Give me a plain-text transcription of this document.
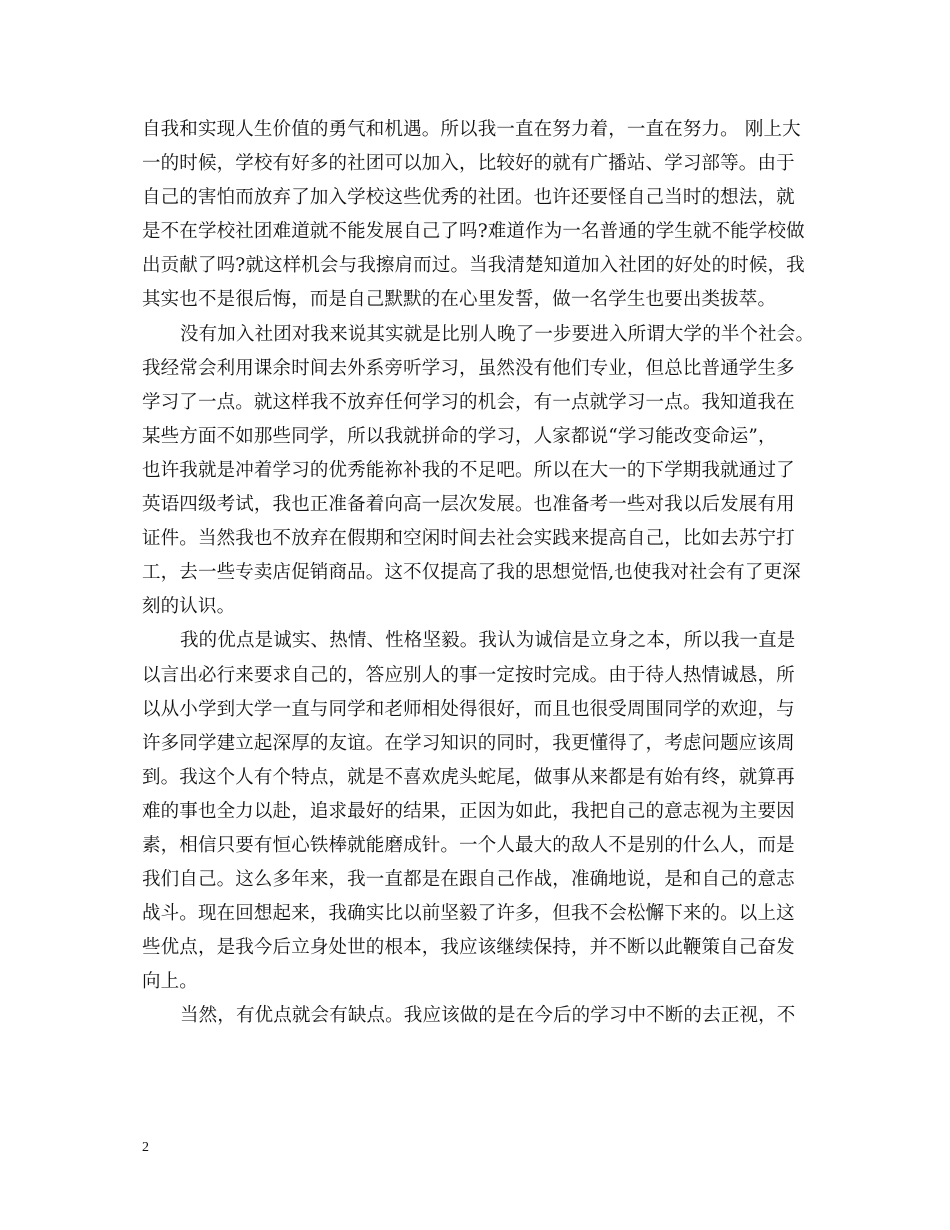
自我和实现人生价值的勇气和机遇。所以我一直在努力着，一直在努力。 刚上大
一的时候，学校有好多的社团可以加入，比较好的就有广播站、学习部等。由于
自己的害怕而放弃了加入学校这些优秀的社团。也许还要怪自己当时的想法，就
是不在学校社团难道就不能发展自己了吗?难道作为一名普通的学生就不能学校做
出贡献了吗?就这样机会与我擦肩而过。当我清楚知道加入社团的好处的时候，我
其实也不是很后悔，而是自己默默的在心里发誓，做一名学生也要出类拔萃。

没有加入社团对我来说其实就是比别人晚了一步要进入所谓大学的半个社会。
我经常会利用课余时间去外系旁听学习，虽然没有他们专业，但总比普通学生多
学习了一点。就这样我不放弃任何学习的机会，有一点就学习一点。我知道我在
某些方面不如那些同学，所以我就拼命的学习，人家都说“学习能改变命运”，
也许我就是冲着学习的优秀能祢补我的不足吧。所以在大一的下学期我就通过了
英语四级考试，我也正准备着向高一层次发展。也准备考一些对我以后发展有用
证件。当然我也不放弃在假期和空闲时间去社会实践来提高自己，比如去苏宁打
工，去一些专卖店促销商品。这不仅提高了我的思想觉悟,也使我对社会有了更深
刻的认识。

我的优点是诚实、热情、性格坚毅。我认为诚信是立身之本，所以我一直是
以言出必行来要求自己的，答应别人的事一定按时完成。由于待人热情诚恳，所
以从小学到大学一直与同学和老师相处得很好，而且也很受周围同学的欢迎，与
许多同学建立起深厚的友谊。在学习知识的同时，我更懂得了，考虑问题应该周
到。我这个人有个特点，就是不喜欢虎头蛇尾，做事从来都是有始有终，就算再
难的事也全力以赴，追求最好的结果，正因为如此，我把自己的意志视为主要因
素，相信只要有恒心铁棒就能磨成针。一个人最大的敌人不是别的什么人，而是
我们自己。这么多年来，我一直都是在跟自己作战，准确地说，是和自己的意志
战斗。现在回想起来，我确实比以前坚毅了许多，但我不会松懈下来的。以上这
些优点，是我今后立身处世的根本，我应该继续保持，并不断以此鞭策自己奋发
向上。

当然，有优点就会有缺点。我应该做的是在今后的学习中不断的去正视，不

2
